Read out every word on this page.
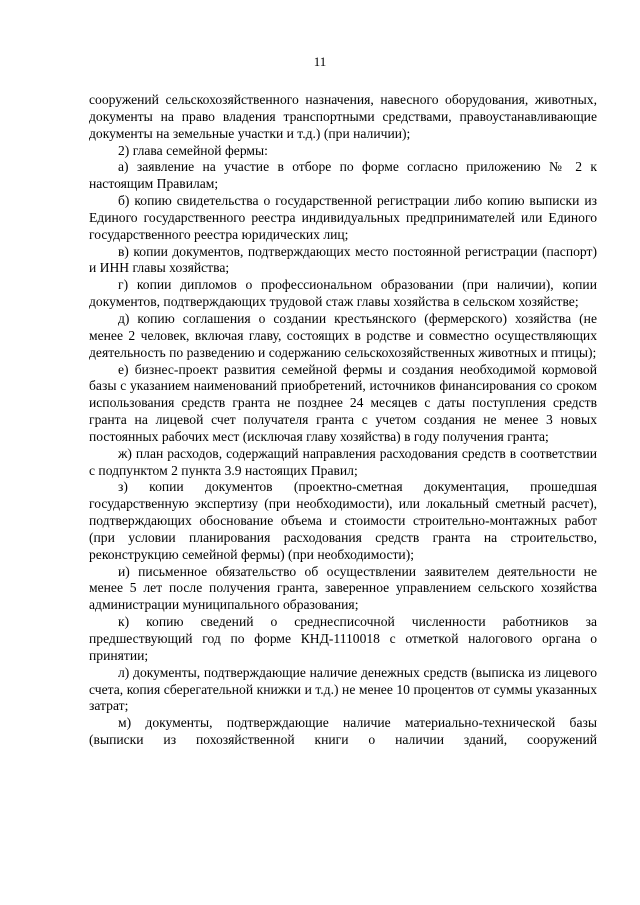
11

сооружений сельскохозяйственного назначения, навесного оборудования, животных, документы на право владения транспортными средствами, правоустанавливающие документы на земельные участки и т.д.) (при наличии);

2) глава семейной фермы:

а) заявление на участие в отборе по форме согласно приложению № 2 к настоящим Правилам;

б) копию свидетельства о государственной регистрации либо копию выписки из Единого государственного реестра индивидуальных предпринимателей или Единого государственного реестра юридических лиц;

в) копии документов, подтверждающих место постоянной регистрации (паспорт) и ИНН главы хозяйства;

г) копии дипломов о профессиональном образовании (при наличии), копии документов, подтверждающих трудовой стаж главы хозяйства в сельском хозяйстве;

д) копию соглашения о создании крестьянского (фермерского) хозяйства (не менее 2 человек, включая главу, состоящих в родстве и совместно осуществляющих деятельность по разведению и содержанию сельскохозяйственных животных и птицы);

е) бизнес-проект развития семейной фермы и создания необходимой кормовой базы с указанием наименований приобретений, источников финансирования со сроком использования средств гранта не позднее 24 месяцев с даты поступления средств гранта на лицевой счет получателя гранта с учетом создания не менее 3 новых постоянных рабочих мест (исключая главу хозяйства) в году получения гранта;

ж) план расходов, содержащий направления расходования средств в соответствии с подпунктом 2 пункта 3.9 настоящих Правил;

з) копии документов (проектно-сметная документация, прошедшая государственную экспертизу (при необходимости), или локальный сметный расчет), подтверждающих обоснование объема и стоимости строительно-монтажных работ (при условии планирования расходования средств гранта на строительство, реконструкцию семейной фермы) (при необходимости);

и) письменное обязательство об осуществлении заявителем деятельности не менее 5 лет после получения гранта, заверенное управлением сельского хозяйства администрации муниципального образования;

к) копию сведений о среднесписочной численности работников за предшествующий год по форме КНД-1110018 с отметкой налогового органа о принятии;

л) документы, подтверждающие наличие денежных средств (выписка из лицевого счета, копия сберегательной книжки и т.д.) не менее 10 процентов от суммы указанных затрат;

м) документы, подтверждающие наличие материально-технической базы (выписки из похозяйственной книги о наличии зданий, сооружений
